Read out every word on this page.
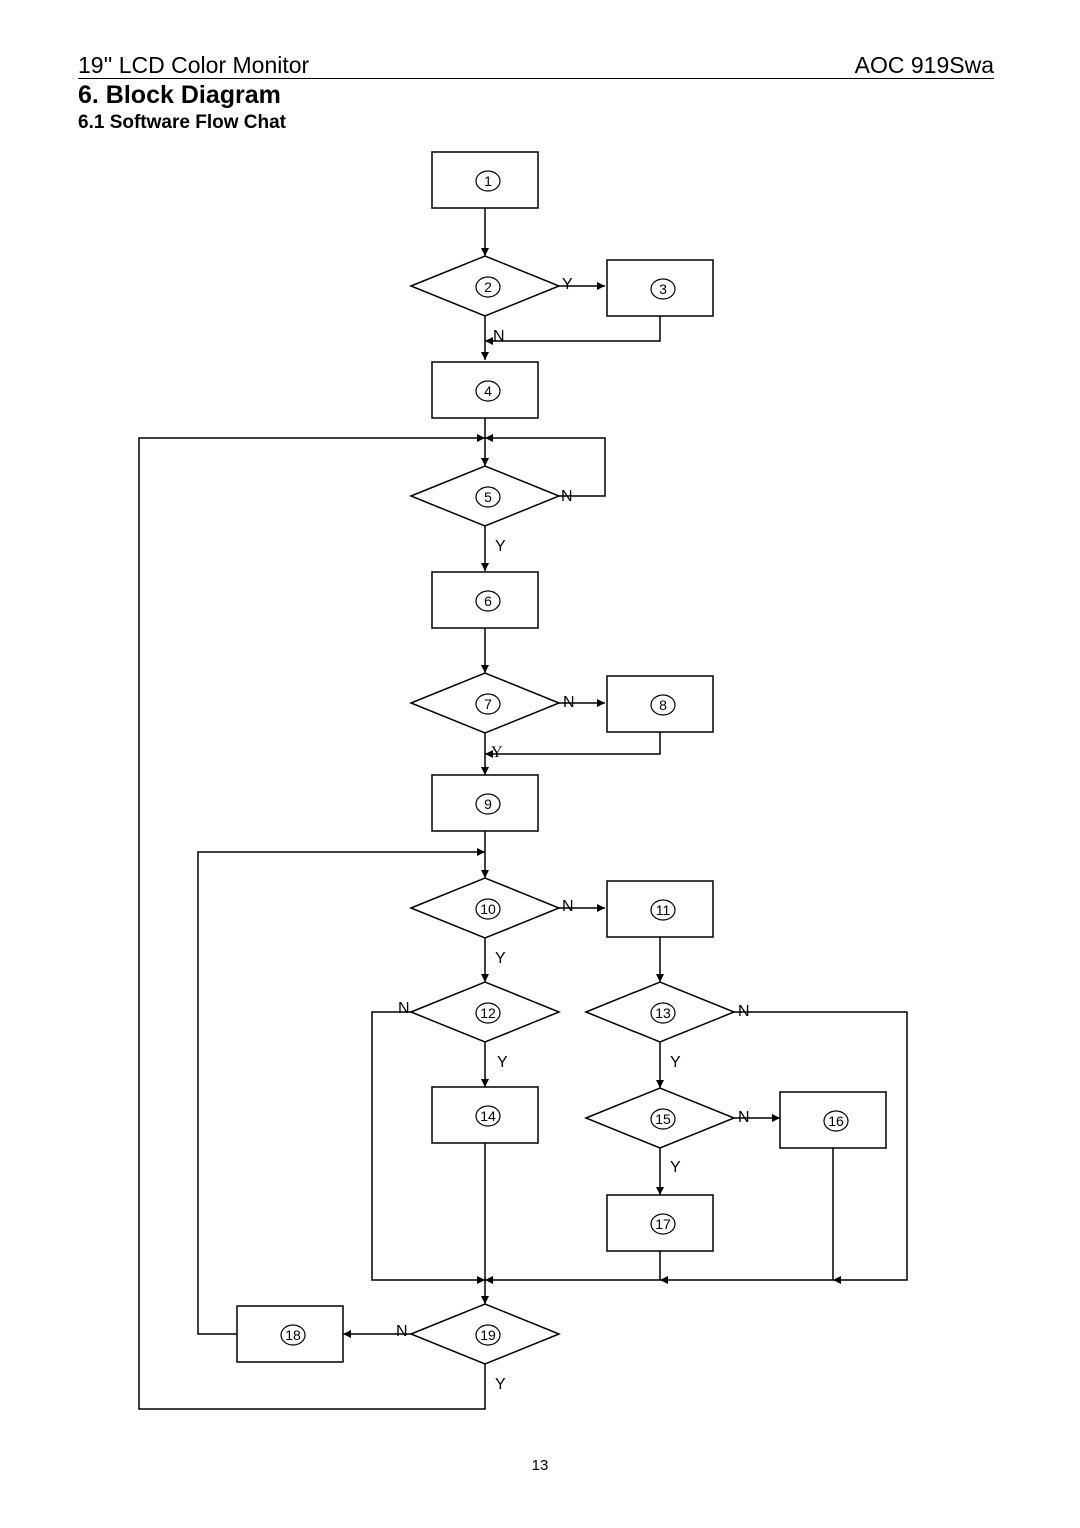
19'' LCD Color Monitor	AOC 919Swa
6. Block Diagram
6.1 Software Flow Chat
1
2	3
4
5
6
7	8
9
10	11
12	13
14	15	16
17
18	19
Y
N
N
Y
N
Y
N
Y
Y
N
Y
N
N
Y
N
Y
13
